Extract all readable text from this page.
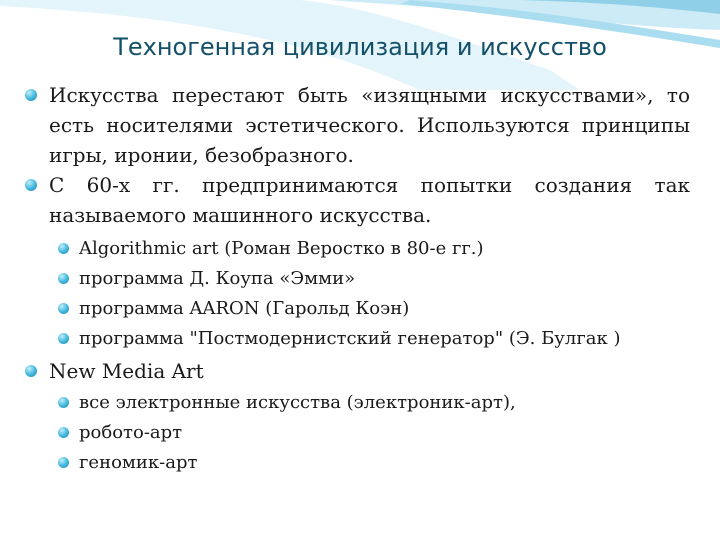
Техногенная цивилизация и искусство
Искусства перестают быть «изящными искусствами», то есть носителями эстетического. Используются принципы игры, иронии, безобразного.
С 60-х гг. предпринимаются попытки создания так называемого машинного искусства.
Algorithmic art (Роман Веростко в 80-е гг.)
программа Д. Коупа «Эмми»
программа AARON (Гарольд Коэн)
программа "Постмодернистский генератор" (Э. Булгак )
New Media Art
все электронные искусства (электроник-арт),
робото-арт
геномик-арт
